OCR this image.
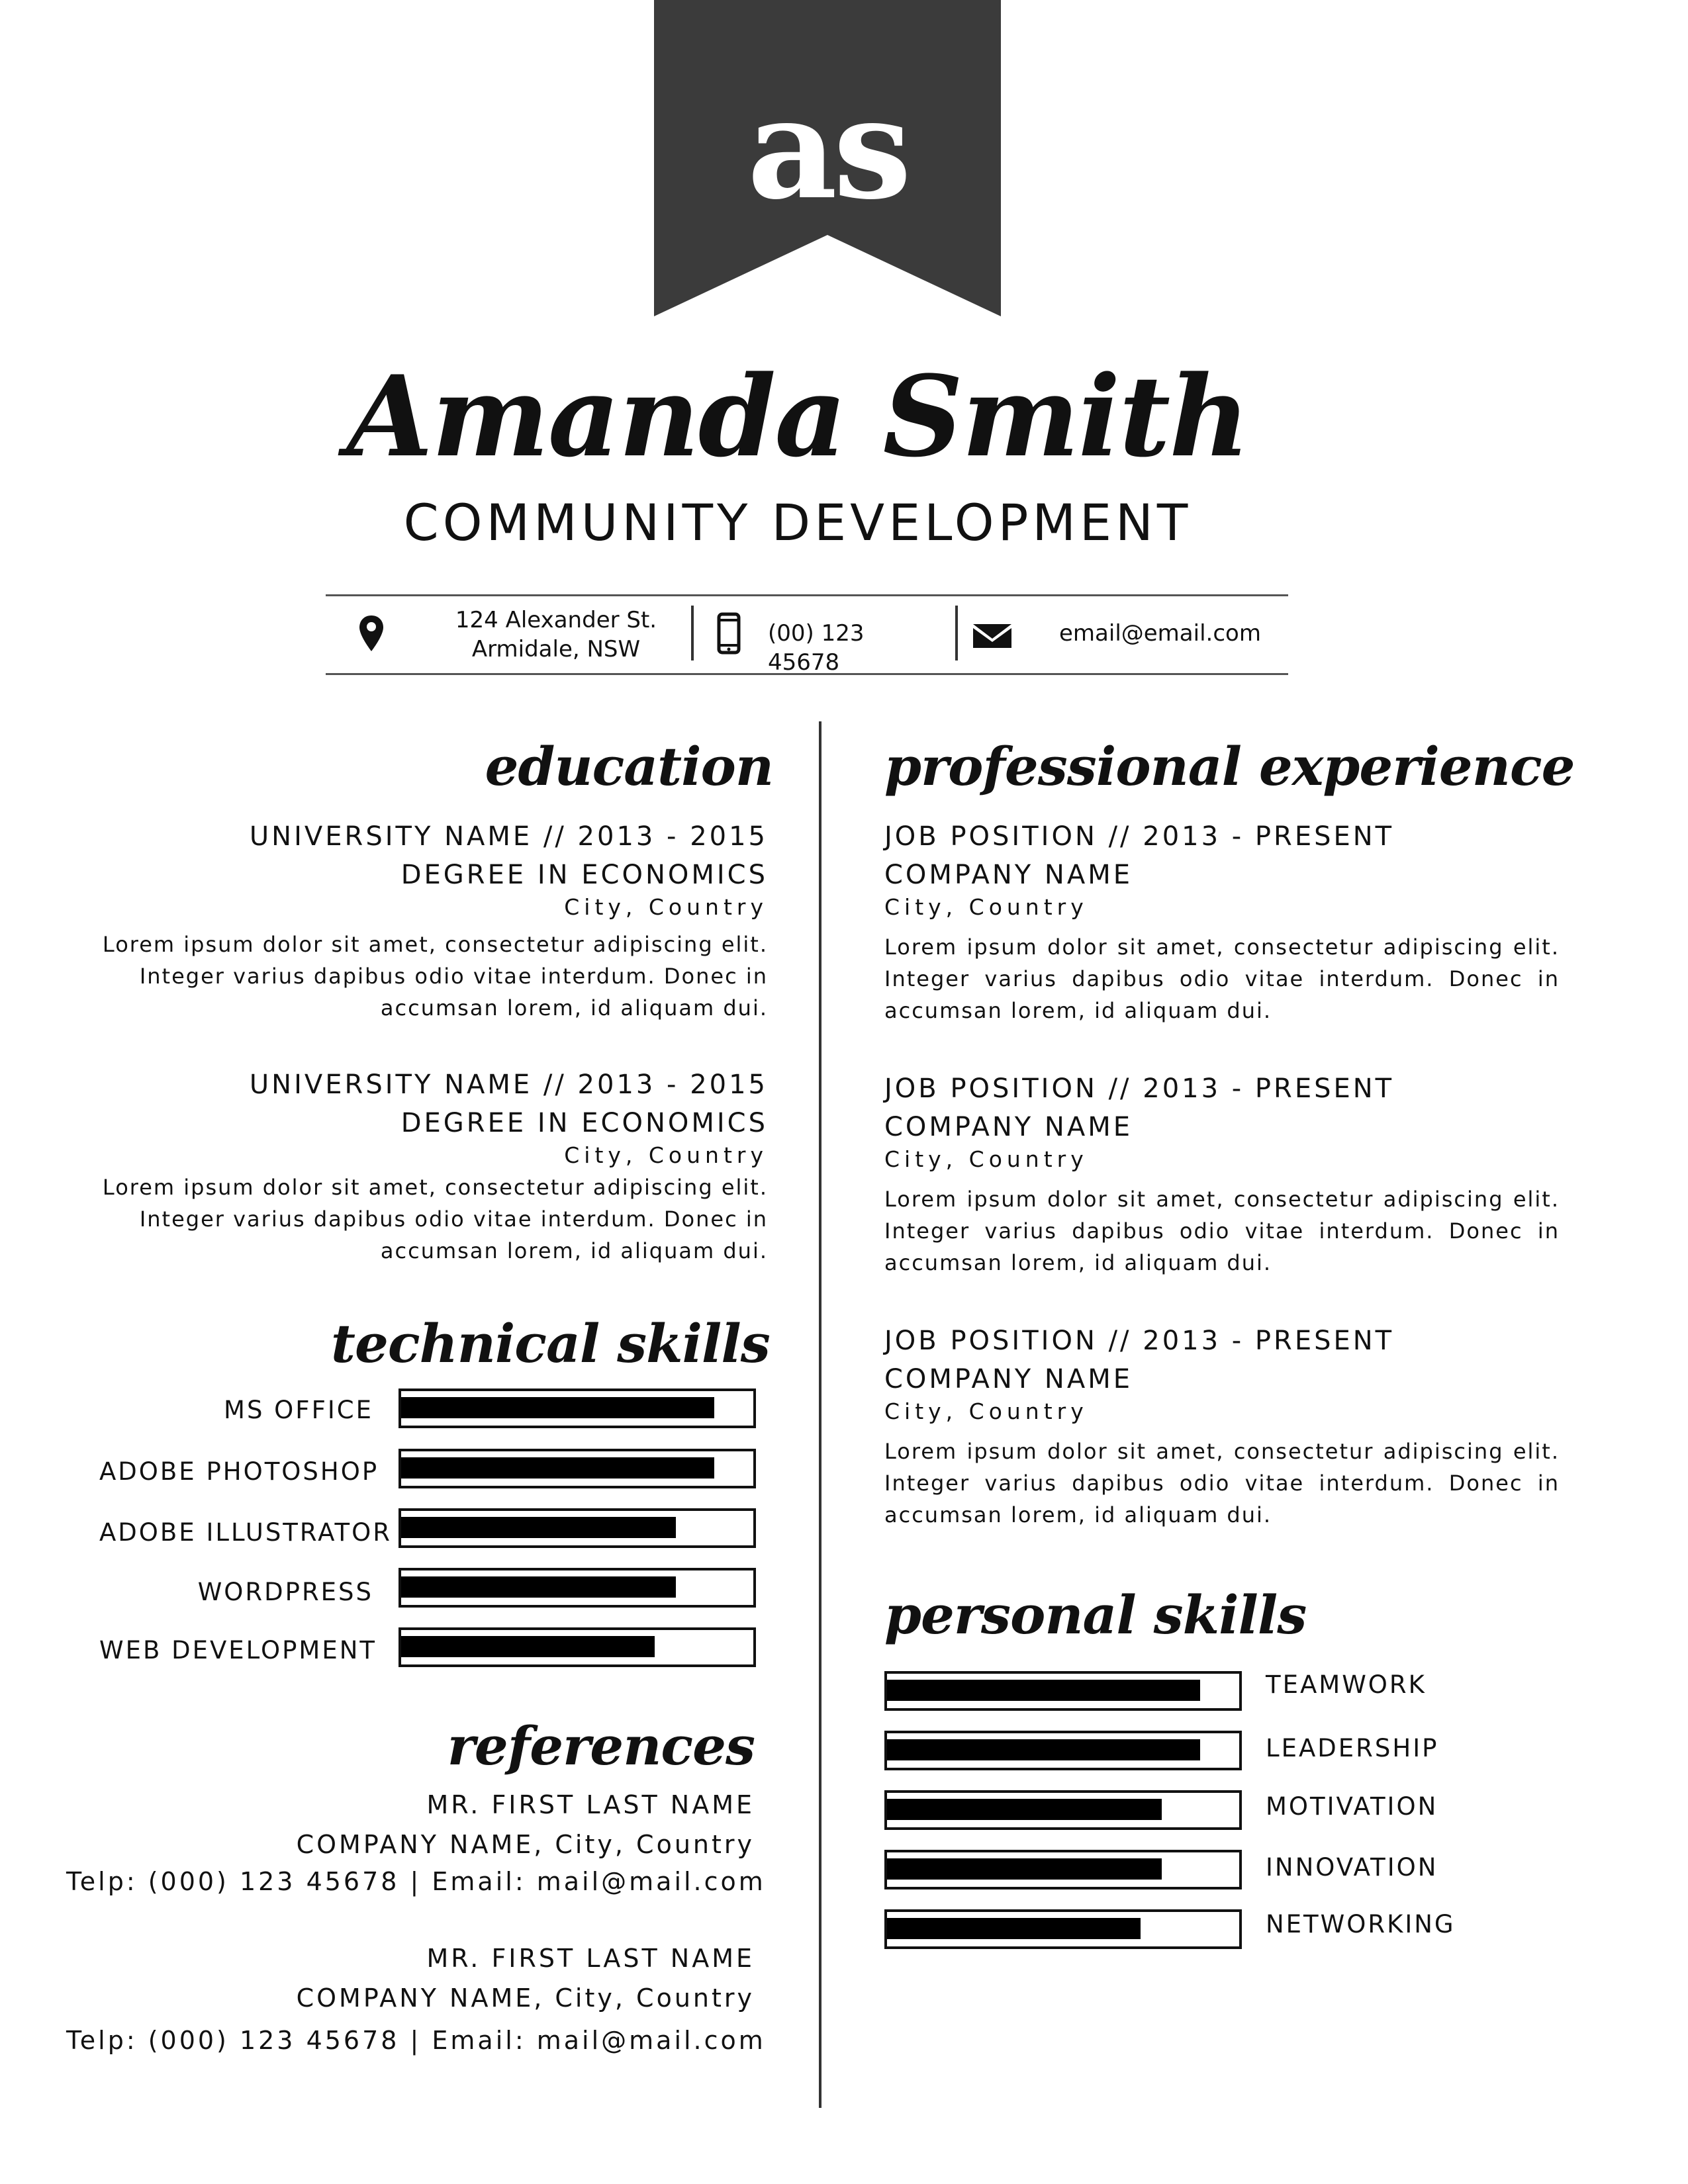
as
Amanda Smith
COMMUNITY DEVELOPMENT
124 Alexander St.
Armidale, NSW
(00) 123 45678
email@email.com
education
UNIVERSITY NAME // 2013 - 2015
DEGREE IN ECONOMICS
City, Country
Lorem ipsum dolor sit amet, consectetur adipiscing elit. Integer varius dapibus odio vitae interdum. Donec in accumsan lorem, id aliquam dui.
UNIVERSITY NAME // 2013 - 2015
DEGREE IN ECONOMICS
City, Country
Lorem ipsum dolor sit amet, consectetur adipiscing elit. Integer varius dapibus odio vitae interdum. Donec in accumsan lorem, id aliquam dui.
technical skills
MS OFFICE
ADOBE PHOTOSHOP
ADOBE ILLUSTRATOR
WORDPRESS
WEB DEVELOPMENT
references
MR. FIRST LAST NAME
COMPANY NAME, City, Country
Telp: (000) 123 45678 | Email: mail@mail.com
MR. FIRST LAST NAME
COMPANY NAME, City, Country
Telp: (000) 123 45678 | Email: mail@mail.com
professional experience
JOB POSITION // 2013 - PRESENT
COMPANY NAME
City, Country
Lorem ipsum dolor sit amet, consectetur adipiscing elit. Integer varius dapibus odio vitae interdum. Donec in accumsan lorem, id aliquam dui.
JOB POSITION // 2013 - PRESENT
COMPANY NAME
City, Country
Lorem ipsum dolor sit amet, consectetur adipiscing elit. Integer varius dapibus odio vitae interdum. Donec in accumsan lorem, id aliquam dui.
JOB POSITION // 2013 - PRESENT
COMPANY NAME
City, Country
Lorem ipsum dolor sit amet, consectetur adipiscing elit. Integer varius dapibus odio vitae interdum. Donec in accumsan lorem, id aliquam dui.
personal skills
TEAMWORK
LEADERSHIP
MOTIVATION
INNOVATION
NETWORKING
